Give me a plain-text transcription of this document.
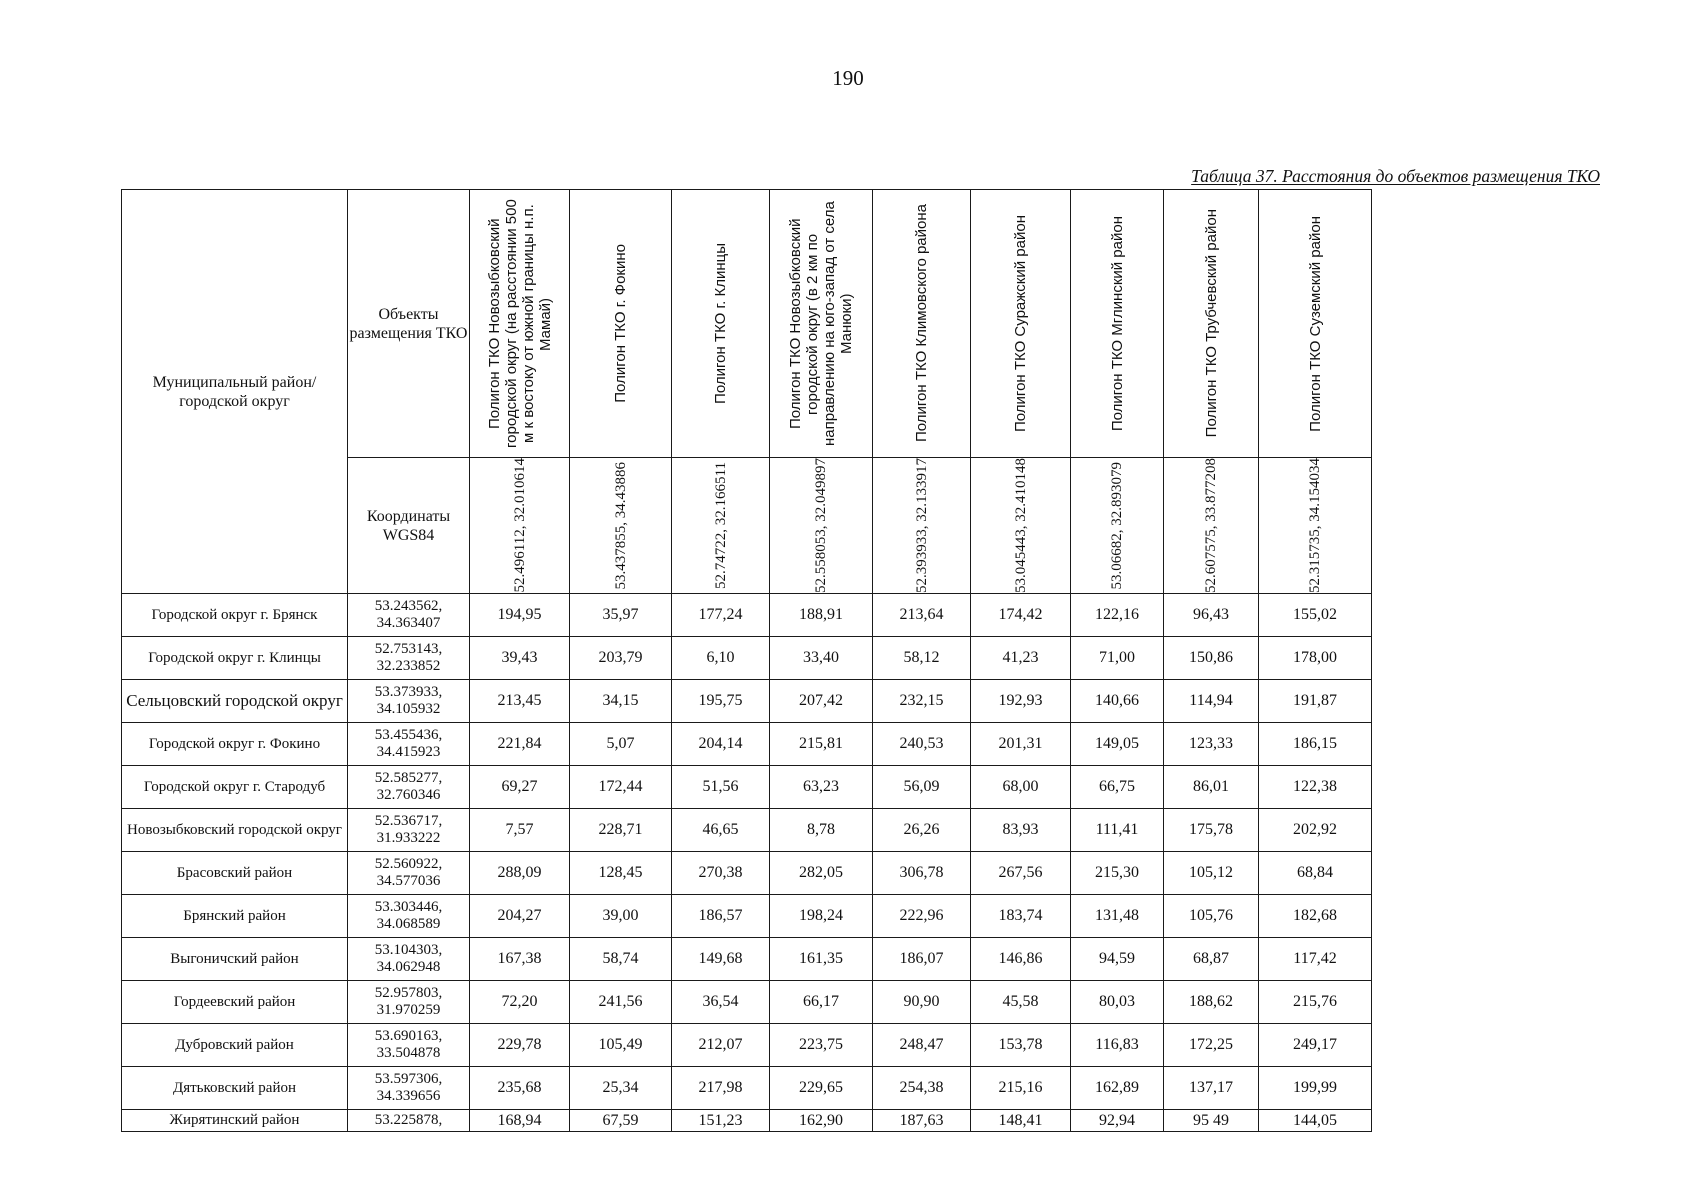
190
Таблица 37. Расстояния до объектов размещения ТКО
Муниципальный район/городской округ	Объекты размещения ТКО	Полигон ТКО Новозыбковский городской округ (на расстоянии 500 м к востоку от южной границы н.п. Мамай)	Полигон ТКО г. Фокино	Полигон ТКО г. Клинцы	Полигон ТКО Новозыбковский городской округ (в 2 км по направлению на юго-запад от села Манюки)	Полигон ТКО Климовского района	Полигон ТКО Суражский район	Полигон ТКО Мглинский район	Полигон ТКО Трубчевский район	Полигон ТКО Суземский район

	Координаты WGS84	52.496112, 32.010614	53.437855, 34.43886	52.74722, 32.166511	52.558053, 32.049897	52.393933, 32.133917	53.045443, 32.410148	53.06682, 32.893079	52.607575, 33.877208	52.315735, 34.154034

Городской округ г. Брянск	53.243562, 34.363407	194,95	35,97	177,24	188,91	213,64	174,42	122,16	96,43	155,02
Городской округ г. Клинцы	52.753143, 32.233852	39,43	203,79	6,10	33,40	58,12	41,23	71,00	150,86	178,00
Сельцовский городской округ	53.373933, 34.105932	213,45	34,15	195,75	207,42	232,15	192,93	140,66	114,94	191,87
Городской округ г. Фокино	53.455436, 34.415923	221,84	5,07	204,14	215,81	240,53	201,31	149,05	123,33	186,15
Городской округ г. Стародуб	52.585277, 32.760346	69,27	172,44	51,56	63,23	56,09	68,00	66,75	86,01	122,38
Новозыбковский городской округ	52.536717, 31.933222	7,57	228,71	46,65	8,78	26,26	83,93	111,41	175,78	202,92
Брасовский район	52.560922, 34.577036	288,09	128,45	270,38	282,05	306,78	267,56	215,30	105,12	68,84
Брянский район	53.303446, 34.068589	204,27	39,00	186,57	198,24	222,96	183,74	131,48	105,76	182,68
Выгоничский район	53.104303, 34.062948	167,38	58,74	149,68	161,35	186,07	146,86	94,59	68,87	117,42
Гордеевский район	52.957803, 31.970259	72,20	241,56	36,54	66,17	90,90	45,58	80,03	188,62	215,76
Дубровский район	53.690163, 33.504878	229,78	105,49	212,07	223,75	248,47	153,78	116,83	172,25	249,17
Дятьковский район	53.597306, 34.339656	235,68	25,34	217,98	229,65	254,38	215,16	162,89	137,17	199,99
Жирятинский район	53.225878,	168,94	67,59	151,23	162,90	187,63	148,41	92,94	95 49	144,05
